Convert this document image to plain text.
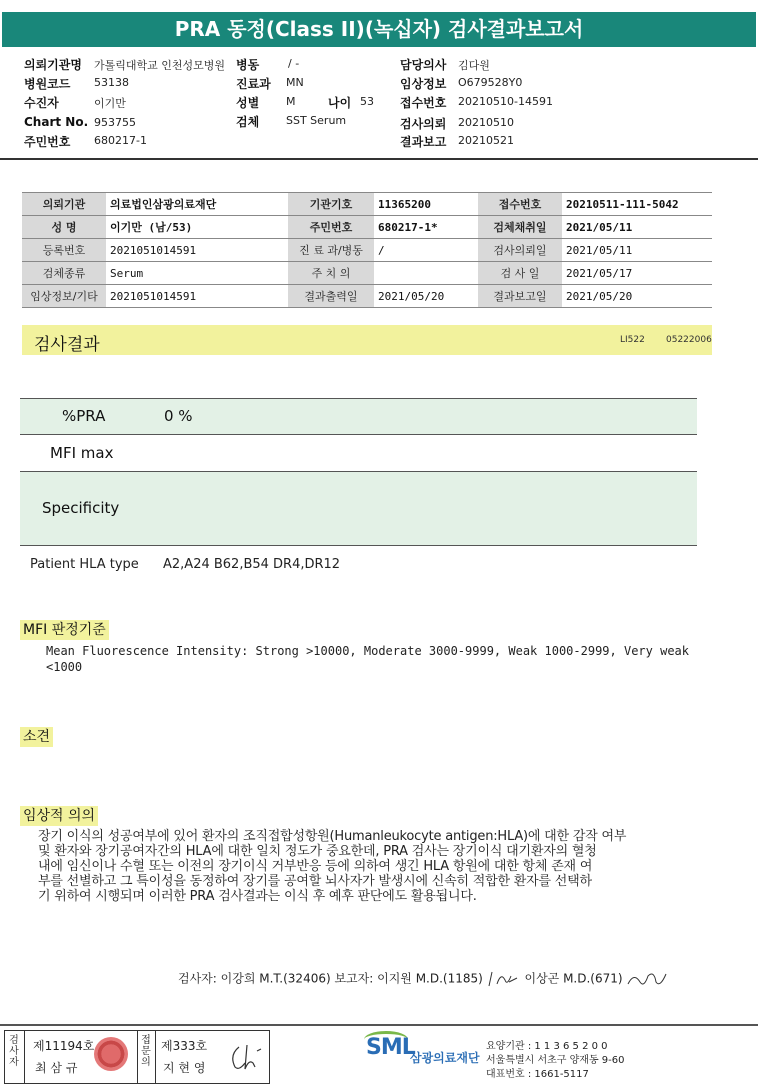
PRA 동정(Class II)(녹십자) 검사결과보고서
의뢰기관명 가톨릭대학교 인천성모병원 병동	/ -	담당의사 김다원
병원코드 53138	진료과 MN	임상정보 O679528Y0
수진자	이기만	성별 M	나이 53 접수번호 20210510-14591
Chart No. 953755	검체 SST Serum	검사의뢰 20210510
주민번호 680217-1	결과보고 20210521
의뢰기관	의료법인삼광의료재단	기관기호	11365200	접수번호	20210511-111-5042
성 명	이기만 (남/53)	주민번호	680217-1*	검체채취일	2021/05/11
등록번호	2021051014591	진 료 과/병동	/	검사의뢰일	2021/05/11
검체종류	Serum	주 치 의		검 사 일	2021/05/17
임상정보/기타	2021051014591	결과출력일	2021/05/20	결과보고일	2021/05/20
검사결과	LI522 05222006
%PRA	0 %
MFI max
Specificity
Patient HLA type A2,A24 B62,B54 DR4,DR12
MFI 판정기준
Mean Fluorescence Intensity: Strong >10000, Moderate 3000-9999, Weak 1000-2999, Very weak
<1000
소견
임상적 의의
장기 이식의 성공여부에 있어 환자의 조직접합성항원(Humanleukocyte antigen:HLA)에 대한 감작 여부
및 환자와 장기공여자간의 HLA에 대한 일치 정도가 중요한데, PRA 검사는 장기이식 대기환자의 혈청
내에 임신이나 수혈 또는 이전의 장기이식 거부반응 등에 의하여 생긴 HLA 항원에 대한 항체 존재 여
부를 선별하고 그 특이성을 동정하여 장기를 공여할 뇌사자가 발생시에 신속히 적합한 환자를 선택하
기 위하여 시행되며 이러한 PRA 검사결과는 이식 후 예후 판단에도 활용됩니다.
검사자: 이강희 M.T.(32406) 보고자: 이지원 M.D.(1185)	이상곤 M.D.(671)
검사자
제11194호
최 삼 규
접문의
제333호
지 현 영
SML
삼광의료재단
요양기관 : 1 1 3 6 5 2 0 0
서울특별시 서초구 양재동 9-60
대표번호 : 1661-5117
